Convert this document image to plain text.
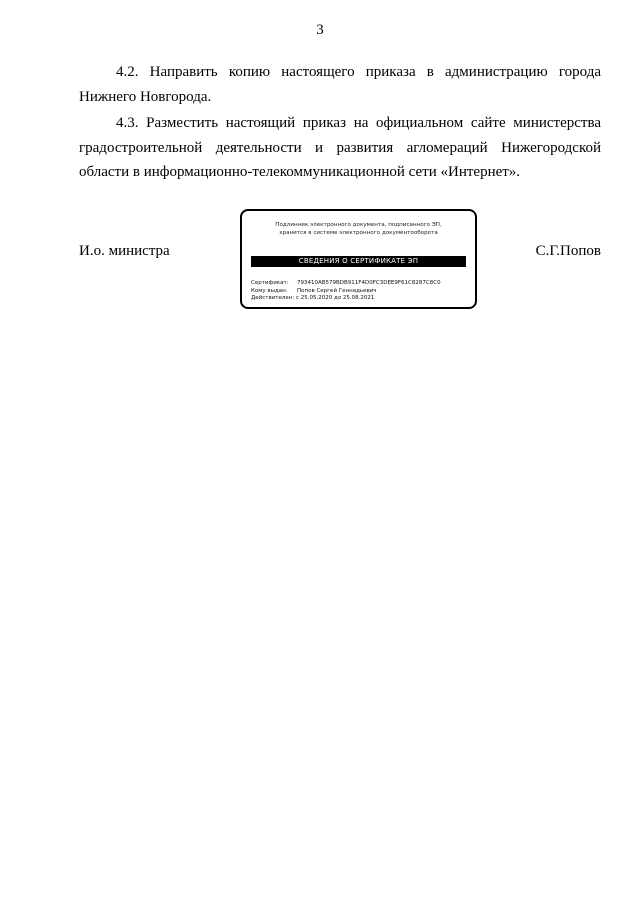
3

4.2. Направить копию настоящего приказа в администрацию города Нижнего Новгорода.

4.3. Разместить настоящий приказ на официальном сайте министерства градостроительной деятельности и развития агломераций Нижегородской области в информационно-телекоммуникационной сети «Интернет».

И.о. министра
Подлинник электронного документа, подписанного ЭП,
хранится в системе электронного документооборота
СВЕДЕНИЯ О СЕРТИФИКАТЕ ЭП
Сертификат: 793410AB579BDB911F4D0FC3DEE9F61C8287C8C0
Кому выдан: Попов Сергей Геннадьевич
Действителен: с 25.05.2020 до 25.08.2021
С.Г.Попов
